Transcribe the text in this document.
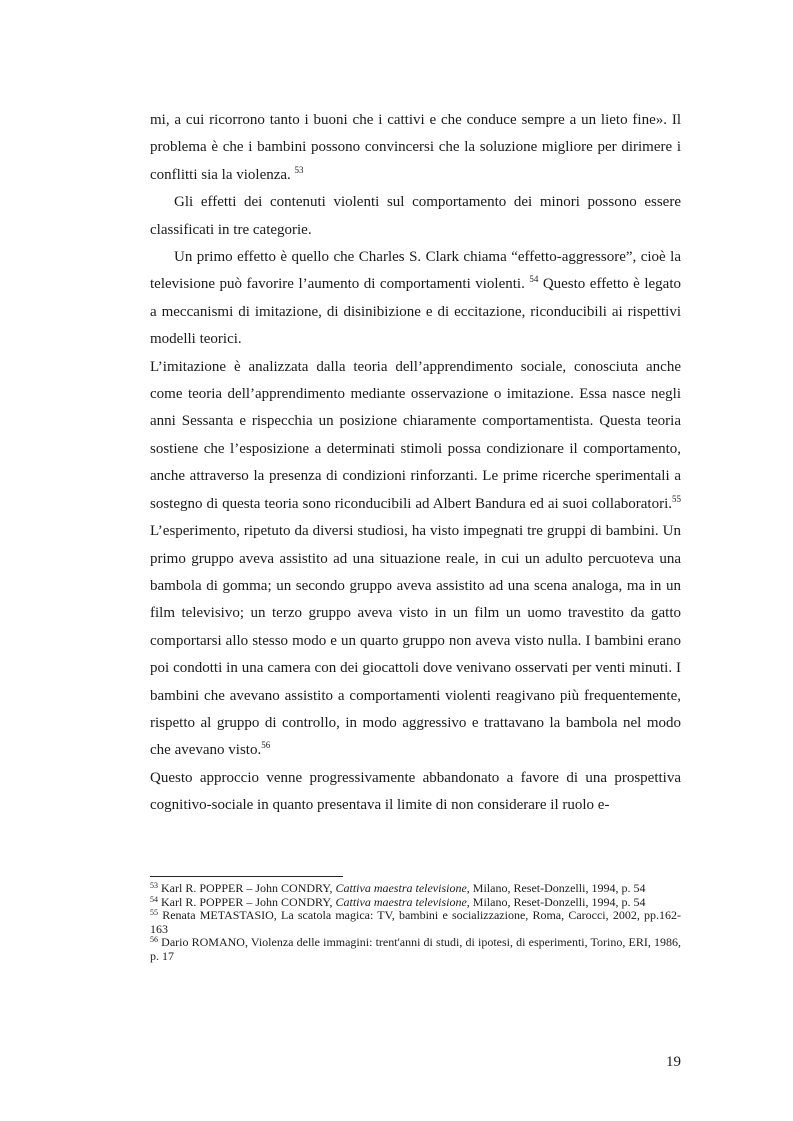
mi, a cui ricorrono tanto i buoni che i cattivi e che conduce sempre a un lieto fine». Il problema è che i bambini possono convincersi che la soluzione migliore per dirimere i conflitti sia la violenza. $^{53}$

Gli effetti dei contenuti violenti sul comportamento dei minori possono essere classificati in tre categorie.

Un primo effetto è quello che Charles S. Clark chiama “effetto-aggressore”, cioè la televisione può favorire l’aumento di comportamenti violenti. $^{54}$ Questo effetto è legato a meccanismi di imitazione, di disinibizione e di eccitazione, riconducibili ai rispettivi modelli teorici.

L’imitazione è analizzata dalla teoria dell’apprendimento sociale, conosciuta anche come teoria dell’apprendimento mediante osservazione o imitazione. Essa nasce negli anni Sessanta e rispecchia un posizione chiaramente comportamentista. Questa teoria sostiene che l’esposizione a determinati stimoli possa condizionare il comportamento, anche attraverso la presenza di condizioni rinforzanti. Le prime ricerche sperimentali a sostegno di questa teoria sono riconducibili ad Albert Bandura ed ai suoi collaboratori.$^{55}$ L’esperimento, ripetuto da diversi studiosi, ha visto impegnati tre gruppi di bambini. Un primo gruppo aveva assistito ad una situazione reale, in cui un adulto percuoteva una bambola di gomma; un secondo gruppo aveva assistito ad una scena analoga, ma in un film televisivo; un terzo gruppo aveva visto in un film un uomo travestito da gatto comportarsi allo stesso modo e un quarto gruppo non aveva visto nulla. I bambini erano poi condotti in una camera con dei giocattoli dove venivano osservati per venti minuti. I bambini che avevano assistito a comportamenti violenti reagivano più frequentemente, rispetto al gruppo di controllo, in modo aggressivo e trattavano la bambola nel modo che avevano visto.$^{56}$
Questo approccio venne progressivamente abbandonato a favore di una prospettiva cognitivo-sociale in quanto presentava il limite di non considerare il ruolo e-

$^{53}$ Karl R. POPPER – John CONDRY, Cattiva maestra televisione, Milano, Reset-Donzelli, 1994, p. 54

$^{54}$ Karl R. POPPER – John CONDRY, Cattiva maestra televisione, Milano, Reset-Donzelli, 1994, p. 54

$^{55}$ Renata METASTASIO, La scatola magica: TV, bambini e socializzazione, Roma, Carocci, 2002, pp.162-163

$^{56}$ Dario ROMANO, Violenza delle immagini: trent'anni di studi, di ipotesi, di esperimenti, Torino, ERI, 1986, p. 17

19
